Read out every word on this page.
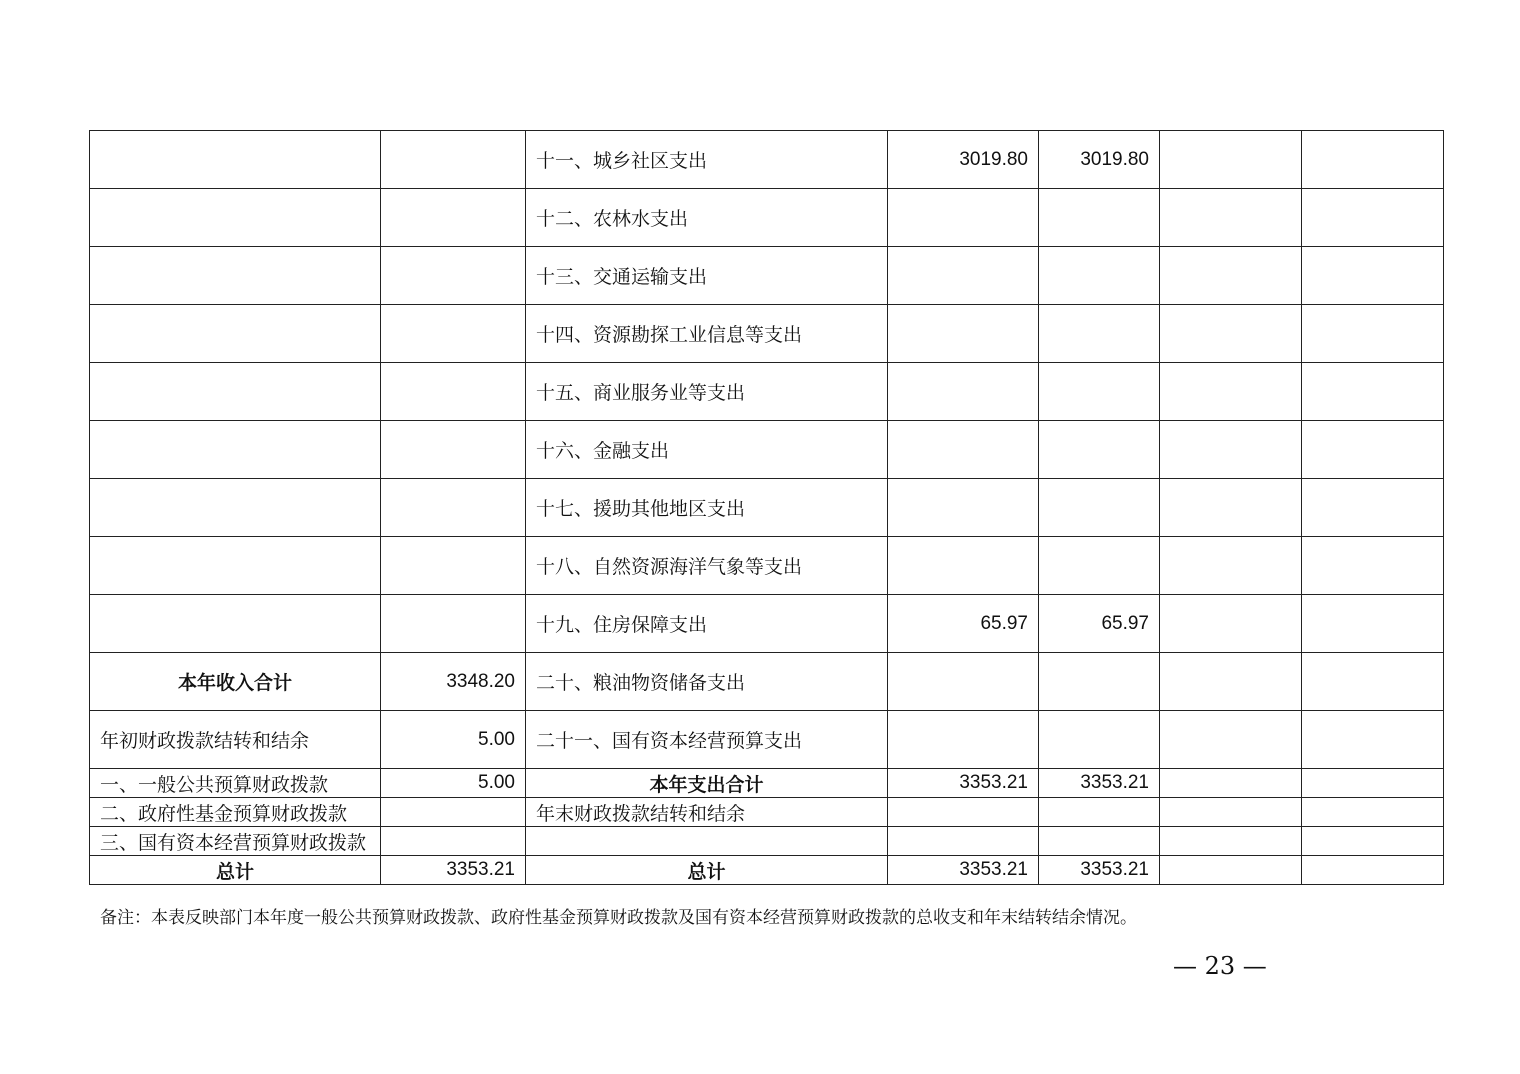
		十一、城乡社区支出	3019.80	3019.80		
		十二、农林水支出				
		十三、交通运输支出				
		十四、资源勘探工业信息等支出				
		十五、商业服务业等支出				
		十六、金融支出				
		十七、援助其他地区支出				
		十八、自然资源海洋气象等支出				
		十九、住房保障支出	65.97	65.97		
本年收入合计	3348.20	二十、粮油物资储备支出				
年初财政拨款结转和结余	5.00	二十一、国有资本经营预算支出				
一、一般公共预算财政拨款	5.00	本年支出合计	3353.21	3353.21		
二、政府性基金预算财政拨款		年末财政拨款结转和结余				
三、国有资本经营预算财政拨款						
总计	3353.21	总计	3353.21	3353.21		
备注：本表反映部门本年度一般公共预算财政拨款、政府性基金预算财政拨款及国有资本经营预算财政拨款的总收支和年末结转结余情况。
— 23 —
